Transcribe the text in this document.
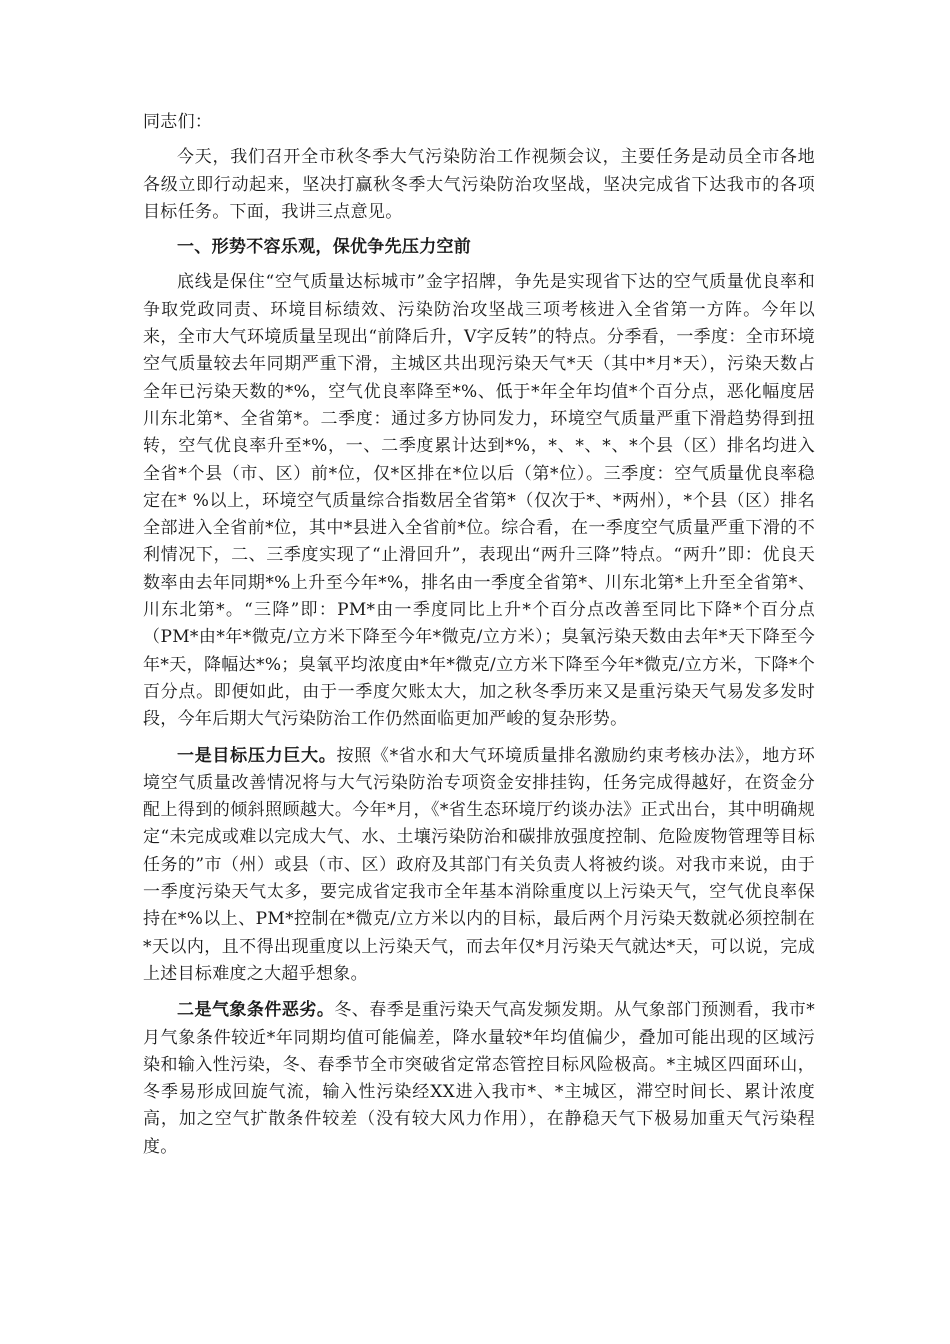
同志们：

今天，我们召开全市秋冬季大气污染防治工作视频会议，主要任务是动员全市各地各级立即行动起来，坚决打赢秋冬季大气污染防治攻坚战，坚决完成省下达我市的各项目标任务。下面，我讲三点意见。

一、形势不容乐观，保优争先压力空前

底线是保住“空气质量达标城市”金字招牌，争先是实现省下达的空气质量优良率和争取党政同责、环境目标绩效、污染防治攻坚战三项考核进入全省第一方阵。今年以来，全市大气环境质量呈现出“前降后升，V字反转”的特点。分季看，一季度：全市环境空气质量较去年同期严重下滑，主城区共出现污染天气*天（其中*月*天），污染天数占全年已污染天数的*%，空气优良率降至*%、低于*年全年均值*个百分点，恶化幅度居川东北第*、全省第*。二季度：通过多方协同发力，环境空气质量严重下滑趋势得到扭转，空气优良率升至*%，一、二季度累计达到*%，*、*、*、*个县（区）排名均进入全省*个县（市、区）前*位，仅*区排在*位以后（第*位）。三季度：空气质量优良率稳定在* %以上，环境空气质量综合指数居全省第*（仅次于*、*两州），*个县（区）排名全部进入全省前*位，其中*县进入全省前*位。综合看，在一季度空气质量严重下滑的不利情况下，二、三季度实现了“止滑回升”，表现出“两升三降”特点。“两升”即：优良天数率由去年同期*%上升至今年*%，排名由一季度全省第*、川东北第*上升至全省第*、川东北第*。“三降”即：PM*由一季度同比上升*个百分点改善至同比下降*个百分点（PM*由*年*微克/立方米下降至今年*微克/立方米）；臭氧污染天数由去年*天下降至今年*天，降幅达*%；臭氧平均浓度由*年*微克/立方米下降至今年*微克/立方米，下降*个百分点。即便如此，由于一季度欠账太大，加之秋冬季历来又是重污染天气易发多发时段，今年后期大气污染防治工作仍然面临更加严峻的复杂形势。

一是目标压力巨大。按照《*省水和大气环境质量排名激励约束考核办法》，地方环境空气质量改善情况将与大气污染防治专项资金安排挂钩，任务完成得越好，在资金分配上得到的倾斜照顾越大。今年*月，《*省生态环境厅约谈办法》正式出台，其中明确规定“未完成或难以完成大气、水、土壤污染防治和碳排放强度控制、危险废物管理等目标任务的”市（州）或县（市、区）政府及其部门有关负责人将被约谈。对我市来说，由于一季度污染天气太多，要完成省定我市全年基本消除重度以上污染天气，空气优良率保持在*%以上、PM*控制在*微克/立方米以内的目标，最后两个月污染天数就必须控制在*天以内，且不得出现重度以上污染天气，而去年仅*月污染天气就达*天，可以说，完成上述目标难度之大超乎想象。

二是气象条件恶劣。冬、春季是重污染天气高发频发期。从气象部门预测看，我市*月气象条件较近*年同期均值可能偏差，降水量较*年均值偏少，叠加可能出现的区域污染和输入性污染，冬、春季节全市突破省定常态管控目标风险极高。*主城区四面环山，冬季易形成回旋气流，输入性污染经XX进入我市*、*主城区，滞空时间长、累计浓度高，加之空气扩散条件较差（没有较大风力作用），在静稳天气下极易加重天气污染程度。
